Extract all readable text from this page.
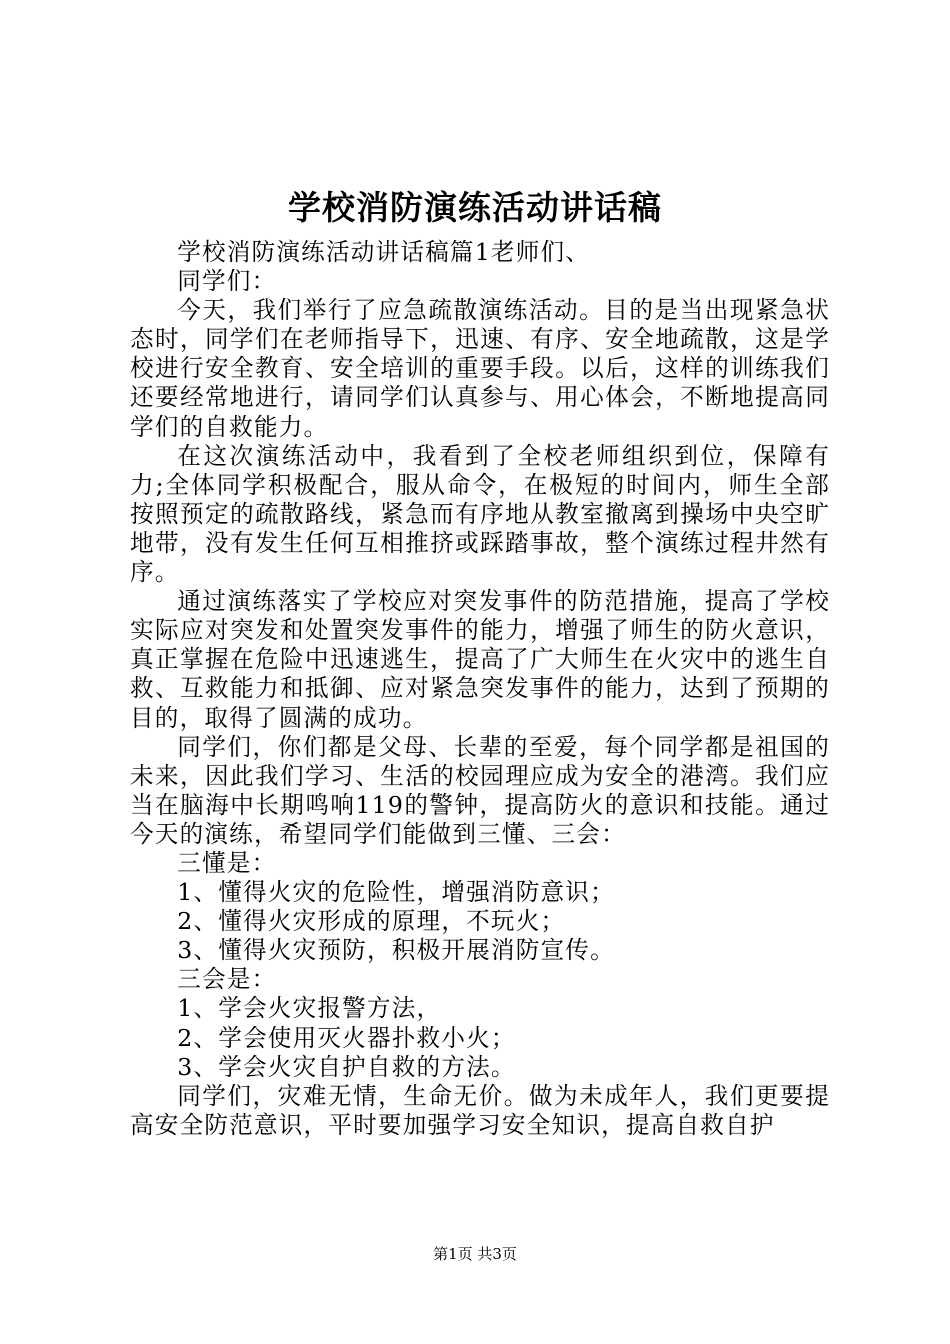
学校消防演练活动讲话稿

学校消防演练活动讲话稿篇1老师们、

同学们：

今天，我们举行了应急疏散演练活动。目的是当出现紧急状态时，同学们在老师指导下，迅速、有序、安全地疏散，这是学校进行安全教育、安全培训的重要手段。以后，这样的训练我们还要经常地进行，请同学们认真参与、用心体会，不断地提高同学们的自救能力。

在这次演练活动中，我看到了全校老师组织到位，保障有力;全体同学积极配合，服从命令，在极短的时间内，师生全部按照预定的疏散路线，紧急而有序地从教室撤离到操场中央空旷地带，没有发生任何互相推挤或踩踏事故，整个演练过程井然有序。

通过演练落实了学校应对突发事件的防范措施，提高了学校实际应对突发和处置突发事件的能力，增强了师生的防火意识，真正掌握在危险中迅速逃生，提高了广大师生在火灾中的逃生自救、互救能力和抵御、应对紧急突发事件的能力，达到了预期的目的，取得了圆满的成功。

同学们，你们都是父母、长辈的至爱，每个同学都是祖国的未来，因此我们学习、生活的校园理应成为安全的港湾。我们应当在脑海中长期鸣响119的警钟，提高防火的意识和技能。通过今天的演练，希望同学们能做到三懂、三会：

三懂是：

1、懂得火灾的危险性，增强消防意识；

2、懂得火灾形成的原理，不玩火；

3、懂得火灾预防，积极开展消防宣传。

三会是：

1、学会火灾报警方法，

2、学会使用灭火器扑救小火；

3、学会火灾自护自救的方法。

同学们，灾难无情，生命无价。做为未成年人，我们更要提高安全防范意识，平时要加强学习安全知识，提高自救自护

第1页 共3页
